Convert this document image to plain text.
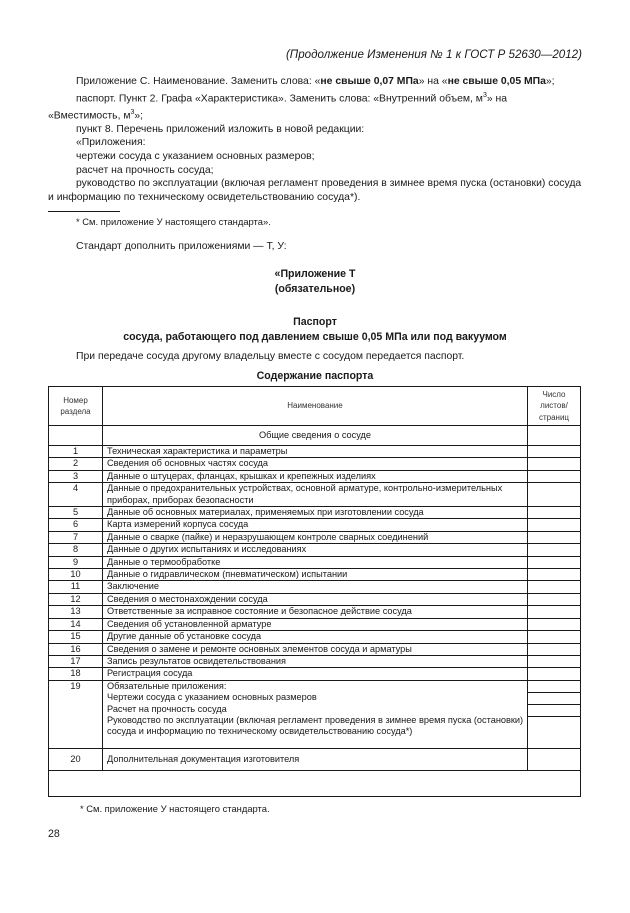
(Продолжение Изменения № 1 к ГОСТ Р 52630—2012)

Приложение С. Наименование. Заменить слова: «не свыше 0,07 МПа» на «не свыше 0,05 МПа»;

паспорт. Пункт 2. Графа «Характеристика». Заменить слова: «Внутренний объем, $м^3$» на «Вместимость, $м^3$»;

пункт 8. Перечень приложений изложить в новой редакции:

«Приложения:

чертежи сосуда с указанием основных размеров;

расчет на прочность сосуда;

руководство по эксплуатации (включая регламент проведения в зимнее время пуска (остановки) сосуда и информацию по техническому освидетельствованию сосуда*).

* См. приложение У настоящего стандарта».
Стандарт дополнить приложениями — Т, У:
«Приложение Т
(обязательное)
Паспорт
сосуда, работающего под давлением свыше 0,05 МПа или под вакуумом
При передаче сосуда другому владельцу вместе с сосудом передается паспорт.
Содержание паспорта
Номер раздела	Наименование	Число листов/ страниц
	Общие сведения о сосуде	
1	Техническая характеристика и параметры	
2	Сведения об основных частях сосуда	
3	Данные о штуцерах, фланцах, крышках и крепежных изделиях	
4	Данные о предохранительных устройствах, основной арматуре, контрольно-измерительных приборах, приборах безопасности	
5	Данные об основных материалах, применяемых при изготовлении сосуда	
6	Карта измерений корпуса сосуда	
7	Данные о сварке (пайке) и неразрушающем контроле сварных соединений	
8	Данные о других испытаниях и исследованиях	
9	Данные о термообработке	
10	Данные о гидравлическом (пневматическом) испытании	
11	Заключение	
12	Сведения о местонахождении сосуда	
13	Ответственные за исправное состояние и безопасное действие сосуда	
14	Сведения об установленной арматуре	
15	Другие данные об установке сосуда	
16	Сведения о замене и ремонте основных элементов сосуда и арматуры	
17	Запись результатов освидетельствования	
18	Регистрация сосуда	
19	Обязательные приложения:
Чертежи сосуда с указанием основных размеров
Расчет на прочность сосуда
Руководство по эксплуатации (включая регламент проведения в зимнее время пуска (остановки) сосуда и информацию по техническому освидетельствованию сосуда*)	

20	Дополнительная документация изготовителя	

* См. приложение У настоящего стандарта.
28
